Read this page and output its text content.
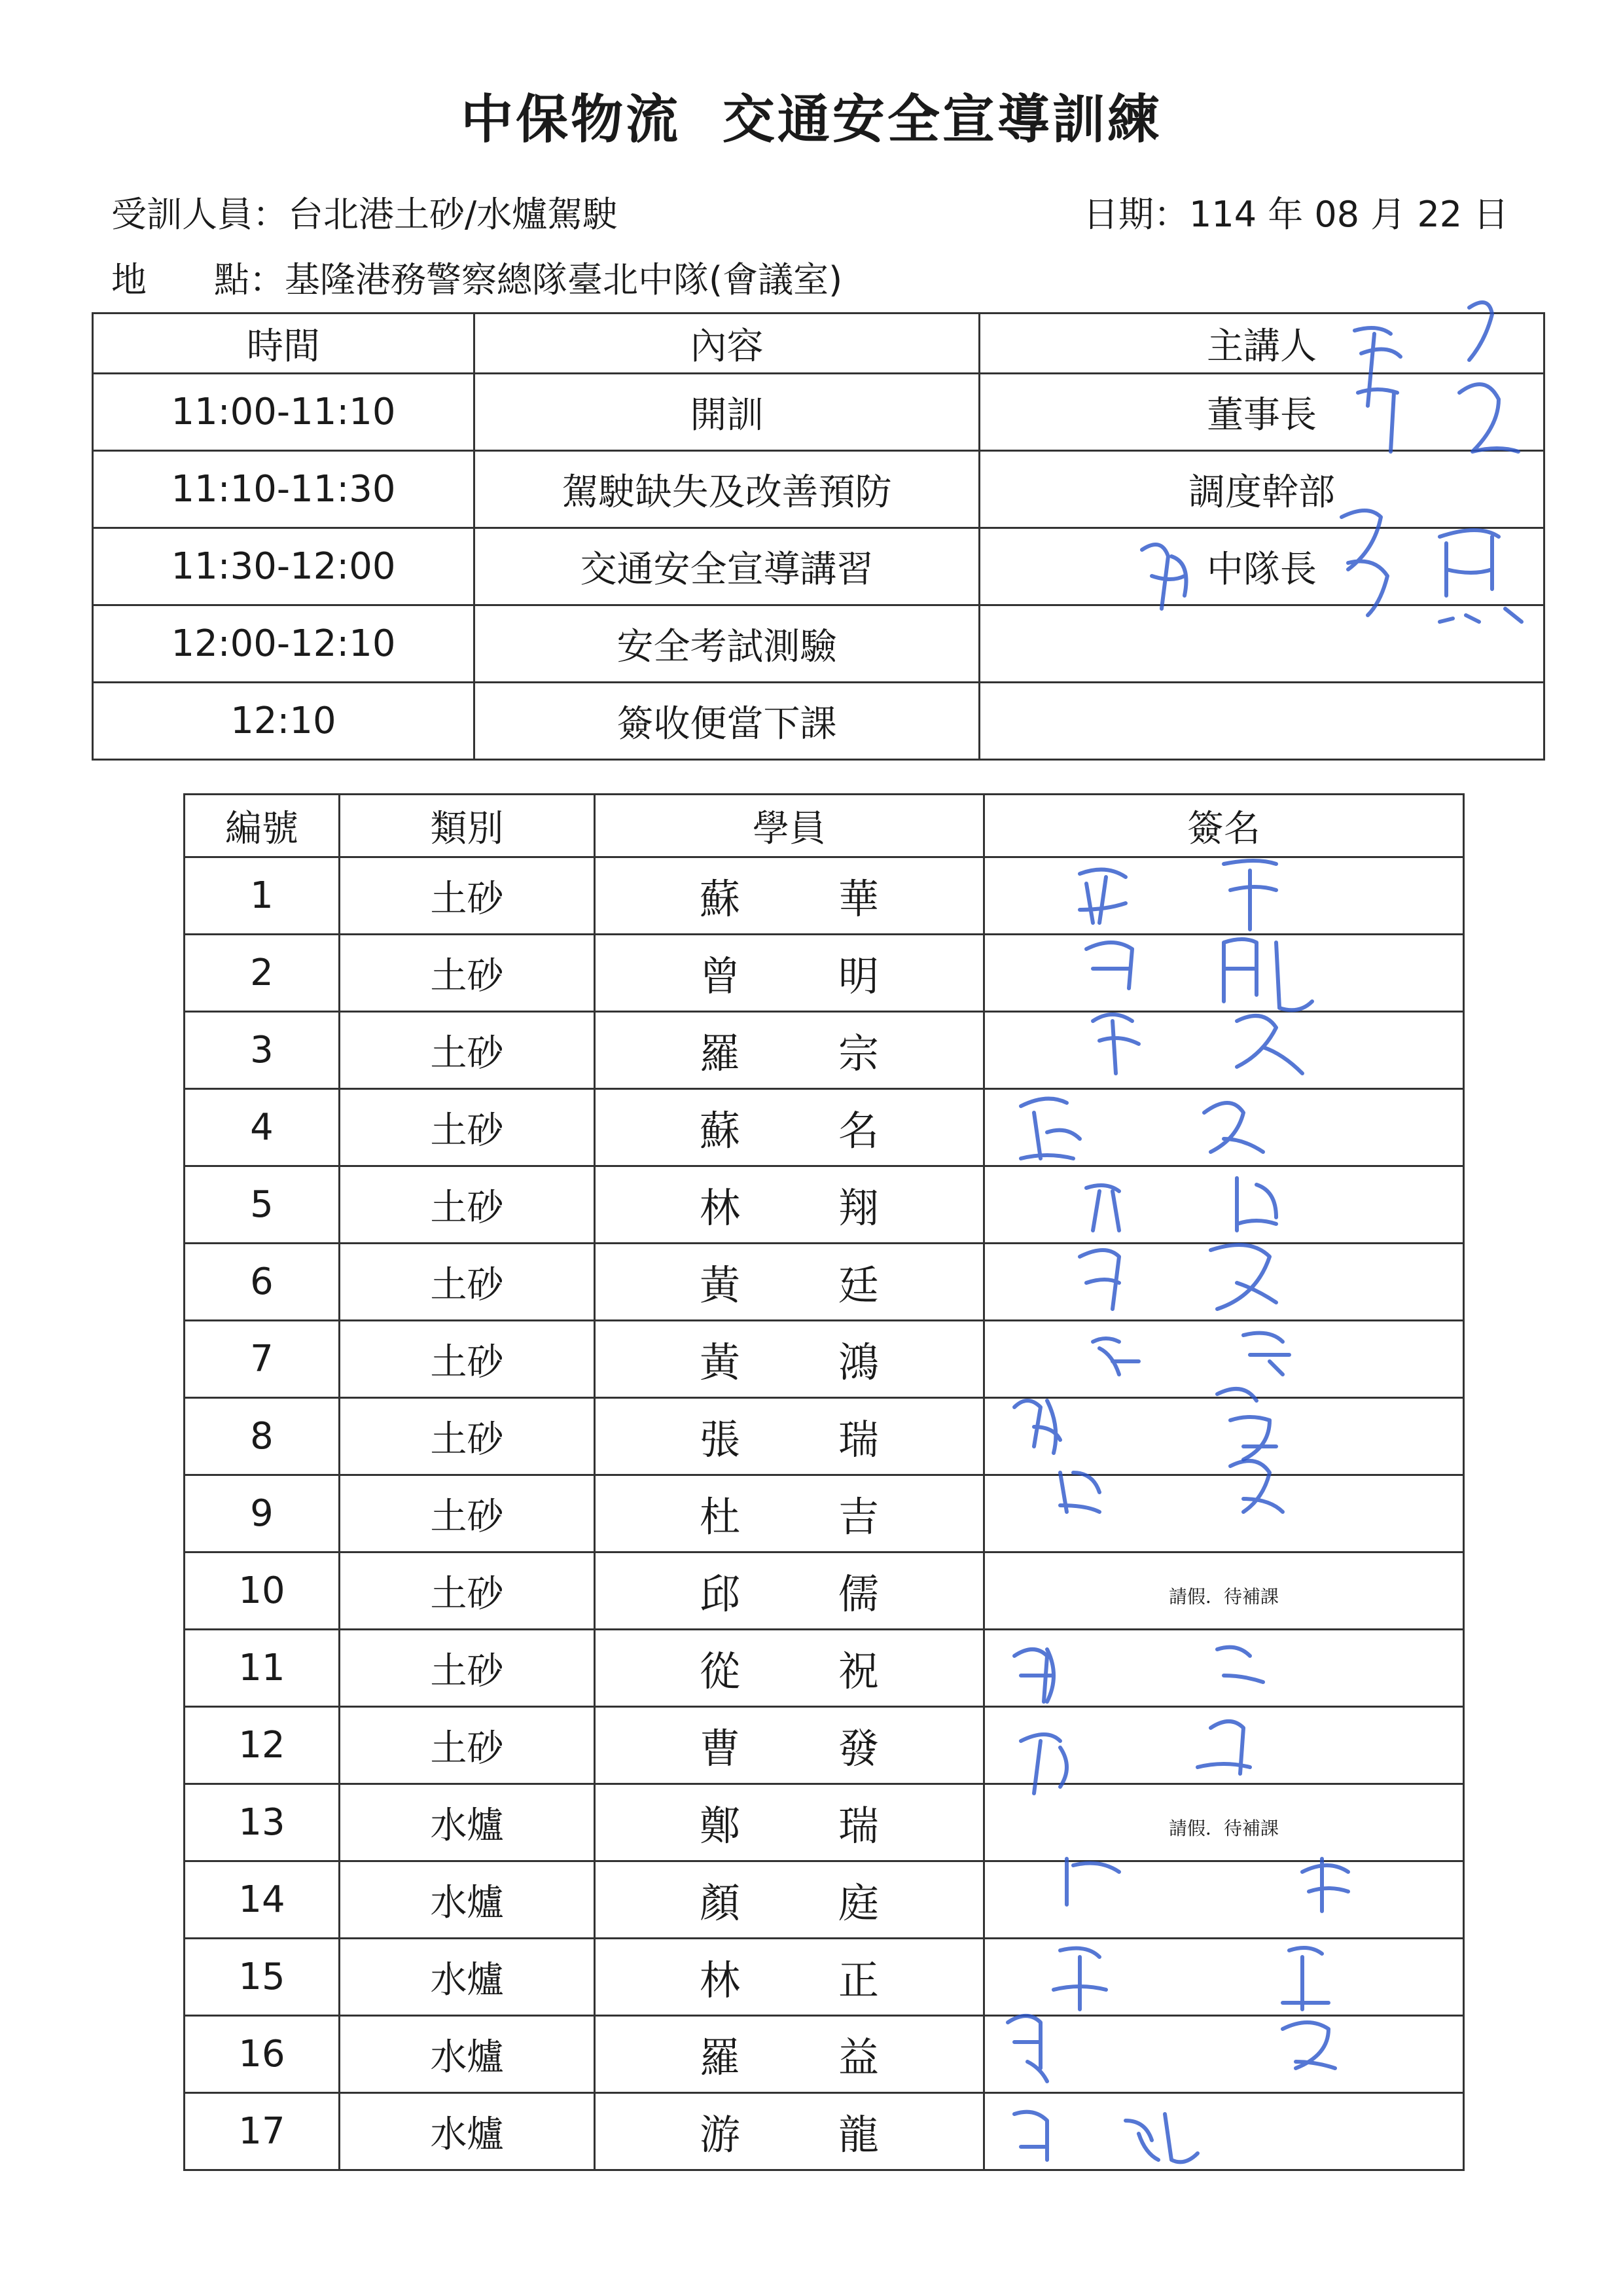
中保物流  交通安全宣導訓練
受訓人員：台北港土砂/水爐駕駛	日期：114 年 08 月 22 日
地      點：基隆港務警察總隊臺北中隊(會議室)
時間	內容	主講人
11:00-11:10	開訓	董事長
11:10-11:30	駕駛缺失及改善預防	調度幹部
11:30-12:00	交通安全宣導講習	中隊長
12:00-12:10	安全考試測驗	
12:10	簽收便當下課	
編號	類別	學員	簽名
1	土砂	蘇華	
2	土砂	曾明	
3	土砂	羅宗	
4	土砂	蘇名	
5	土砂	林翔	
6	土砂	黃廷	
7	土砂	黃鴻	
8	土砂	張瑞	
9	土砂	杜吉	
10	土砂	邱儒	請假．待補課
11	土砂	從祝	
12	土砂	曹發	
13	水爐	鄭瑞	請假．待補課
14	水爐	顏庭	
15	水爐	林正	
16	水爐	羅益	
17	水爐	游龍	
